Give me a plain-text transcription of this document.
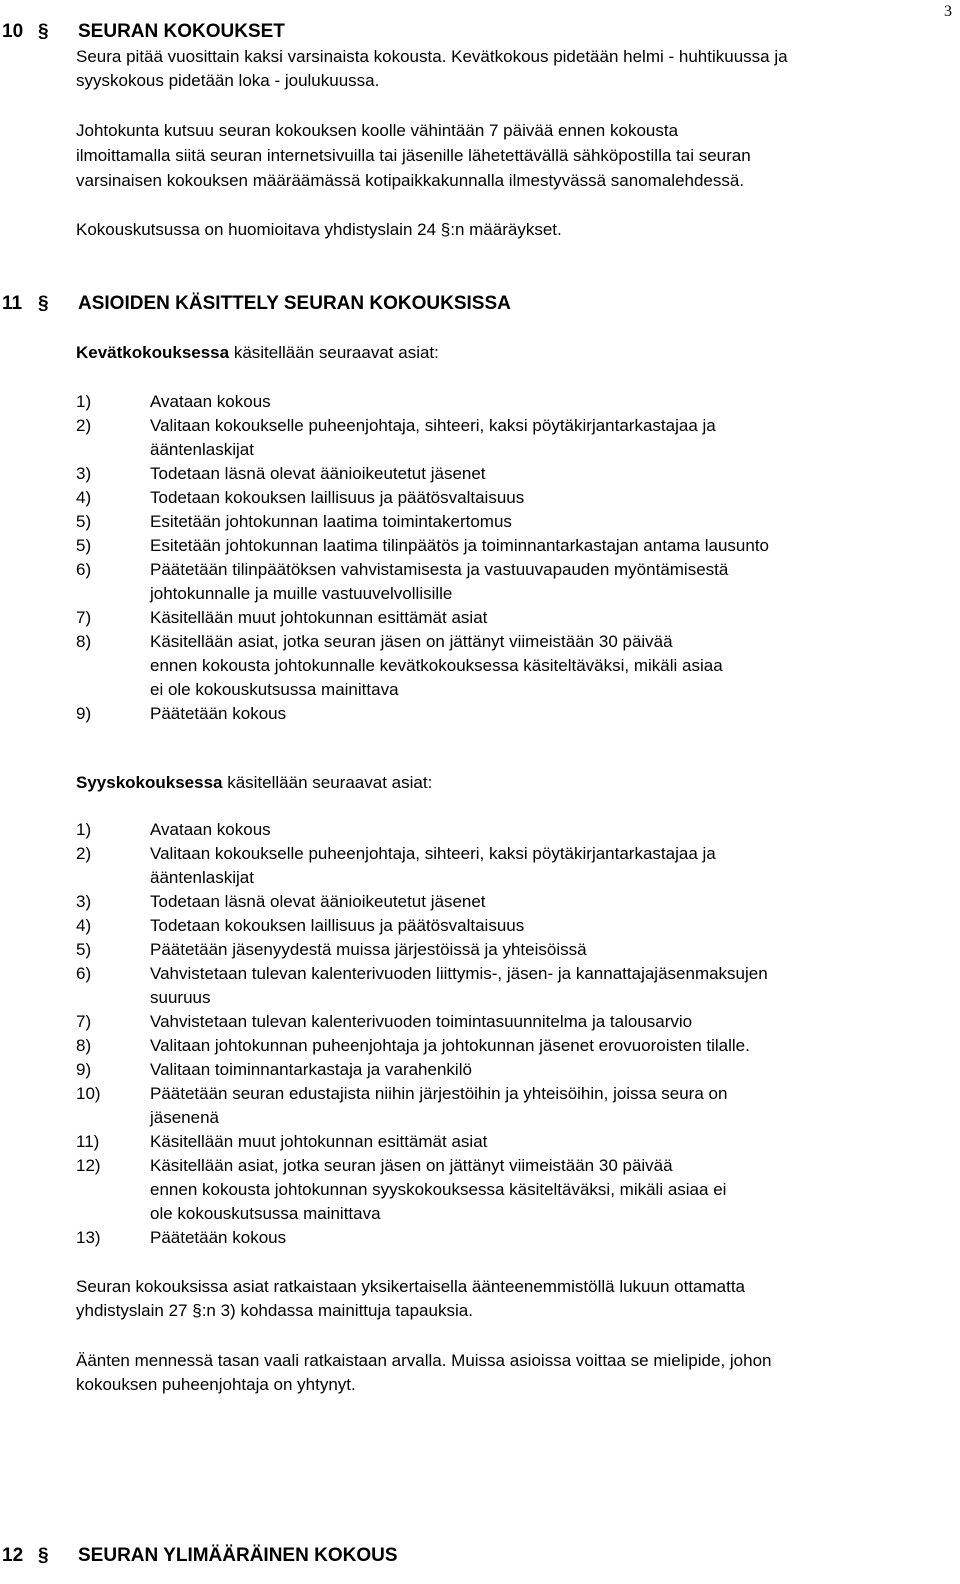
3
10 § SEURAN KOKOUKSET
Seura pitää vuosittain kaksi varsinaista kokousta. Kevätkokous pidetään helmi - huhtikuussa ja
syyskokous pidetään loka - joulukuussa.
Johtokunta kutsuu seuran kokouksen koolle vähintään 7 päivää ennen kokousta
ilmoittamalla siitä seuran internetsivuilla tai jäsenille lähetettävällä sähköpostilla tai seuran
varsinaisen kokouksen määräämässä kotipaikkakunnalla ilmestyvässä sanomalehdessä.
Kokouskutsussa on huomioitava yhdistyslain 24 §:n määräykset.
11 § ASIOIDEN KÄSITTELY SEURAN KOKOUKSISSA
Kevätkokouksessa käsitellään seuraavat asiat:
1)	Avataan kokous
2)	Valitaan kokoukselle puheenjohtaja, sihteeri, kaksi pöytäkirjantarkastajaa ja
ääntenlaskijat
3)	Todetaan läsnä olevat äänioikeutetut jäsenet
4)	Todetaan kokouksen laillisuus ja päätösvaltaisuus
5)	Esitetään johtokunnan laatima toimintakertomus
5)	Esitetään johtokunnan laatima tilinpäätös ja toiminnantarkastajan antama lausunto
6)	Päätetään tilinpäätöksen vahvistamisesta ja vastuuvapauden myöntämisestä
johtokunnalle ja muille vastuuvelvollisille
7)	Käsitellään muut johtokunnan esittämät asiat
8)	Käsitellään asiat, jotka seuran jäsen on jättänyt viimeistään 30 päivää
ennen kokousta johtokunnalle kevätkokouksessa käsiteltäväksi, mikäli asiaa
ei ole kokouskutsussa mainittava
9)	Päätetään kokous
Syyskokouksessa käsitellään seuraavat asiat:
1)	Avataan kokous
2)	Valitaan kokoukselle puheenjohtaja, sihteeri, kaksi pöytäkirjantarkastajaa ja
ääntenlaskijat
3)	Todetaan läsnä olevat äänioikeutetut jäsenet
4)	Todetaan kokouksen laillisuus ja päätösvaltaisuus
5)	Päätetään jäsenyydestä muissa järjestöissä ja yhteisöissä
6)	Vahvistetaan tulevan kalenterivuoden liittymis-, jäsen- ja kannattajajäsenmaksujen
suuruus
7)	Vahvistetaan tulevan kalenterivuoden toimintasuunnitelma ja talousarvio
8)	Valitaan johtokunnan puheenjohtaja ja johtokunnan jäsenet erovuoroisten tilalle.
9)	Valitaan toiminnantarkastaja ja varahenkilö
10)	Päätetään seuran edustajista niihin järjestöihin ja yhteisöihin, joissa seura on
jäsenenä
11)	Käsitellään muut johtokunnan esittämät asiat
12)	Käsitellään asiat, jotka seuran jäsen on jättänyt viimeistään 30 päivää
ennen kokousta johtokunnan syyskokouksessa käsiteltäväksi, mikäli asiaa ei
ole kokouskutsussa mainittava
13)	Päätetään kokous
Seuran kokouksissa asiat ratkaistaan yksikertaisella äänteenemmistöllä lukuun ottamatta
yhdistyslain 27 §:n 3) kohdassa mainittuja tapauksia.
Äänten mennessä tasan vaali ratkaistaan arvalla. Muissa asioissa voittaa se mielipide, johon
kokouksen puheenjohtaja on yhtynyt.
12 § SEURAN YLIMÄÄRÄINEN KOKOUS
